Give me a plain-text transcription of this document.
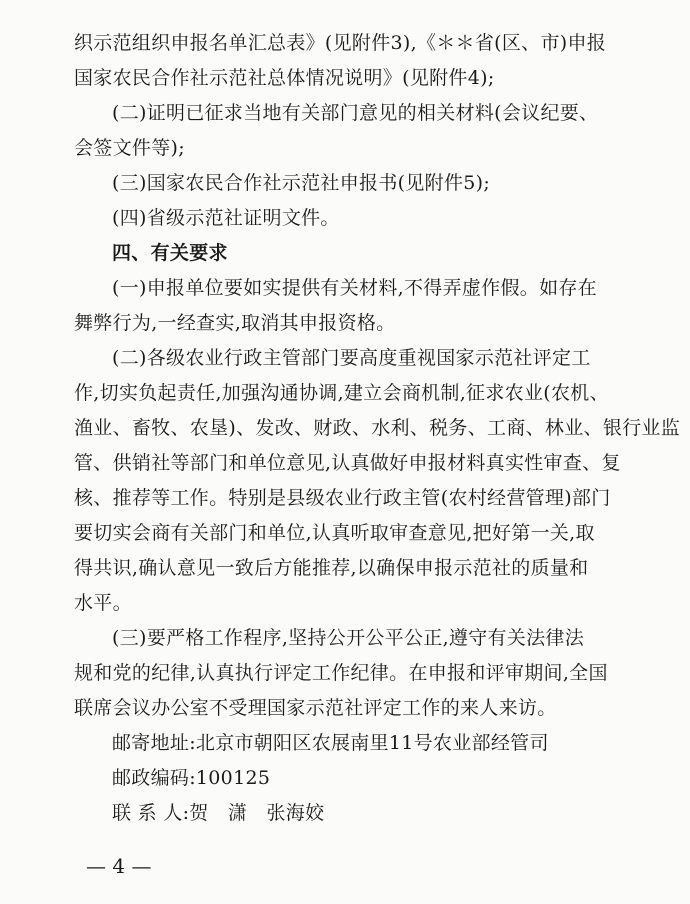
织示范组织申报名单汇总表》(见附件3),《＊＊省(区、市)申报
国家农民合作社示范社总体情况说明》(见附件4);
(二)证明已征求当地有关部门意见的相关材料(会议纪要、
会签文件等);
(三)国家农民合作社示范社申报书(见附件5);
(四)省级示范社证明文件。
四、有关要求
(一)申报单位要如实提供有关材料,不得弄虚作假。如存在
舞弊行为,一经查实,取消其申报资格。
(二)各级农业行政主管部门要高度重视国家示范社评定工
作,切实负起责任,加强沟通协调,建立会商机制,征求农业(农机、
渔业、畜牧、农垦)、发改、财政、水利、税务、工商、林业、银行业监
管、供销社等部门和单位意见,认真做好申报材料真实性审查、复
核、推荐等工作。特别是县级农业行政主管(农村经营管理)部门
要切实会商有关部门和单位,认真听取审查意见,把好第一关,取
得共识,确认意见一致后方能推荐,以确保申报示范社的质量和
水平。
(三)要严格工作程序,坚持公开公平公正,遵守有关法律法
规和党的纪律,认真执行评定工作纪律。在申报和评审期间,全国
联席会议办公室不受理国家示范社评定工作的来人来访。
邮寄地址:北京市朝阳区农展南里11号农业部经管司
邮政编码:100125
联 系 人:贺　潇　张海姣
— 4 —
